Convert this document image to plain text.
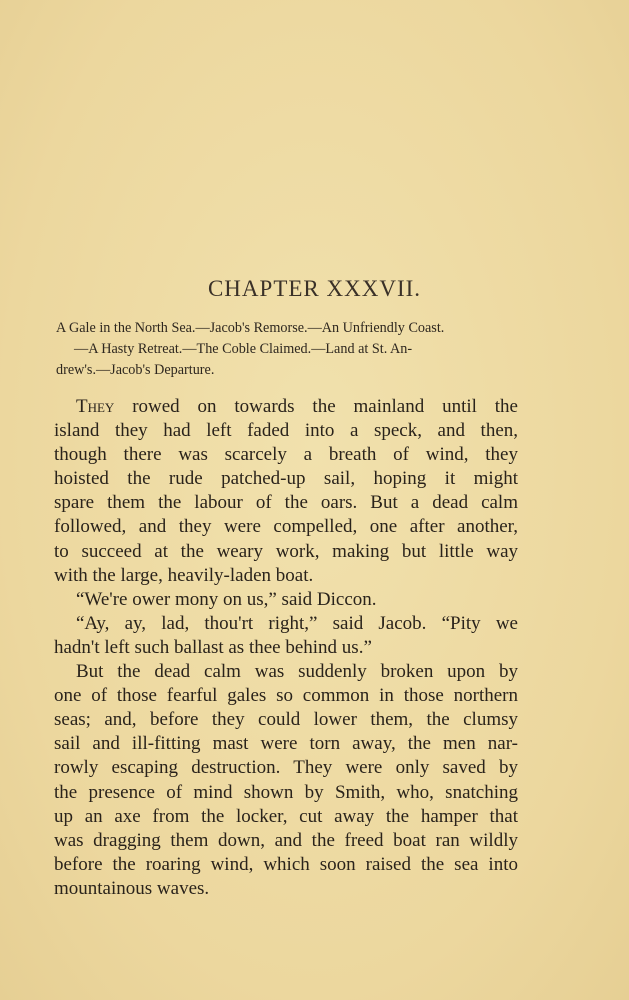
CHAPTER XXXVII.
A Gale in the North Sea.—Jacob's Remorse.—An Unfriendly Coast.
—A Hasty Retreat.—The Coble Claimed.—Land at St. An-
drew's.—Jacob's Departure.
They rowed on towards the mainland until the
island they had left faded into a speck, and then,
though there was scarcely a breath of wind, they
hoisted the rude patched-up sail, hoping it might
spare them the labour of the oars. But a dead calm
followed, and they were compelled, one after another,
to succeed at the weary work, making but little way
with the large, heavily-laden boat.
“We're ower mony on us,” said Diccon.
“Ay, ay, lad, thou'rt right,” said Jacob. “Pity we
hadn't left such ballast as thee behind us.”
But the dead calm was suddenly broken upon by
one of those fearful gales so common in those northern
seas; and, before they could lower them, the clumsy
sail and ill-fitting mast were torn away, the men nar-
rowly escaping destruction. They were only saved by
the presence of mind shown by Smith, who, snatching
up an axe from the locker, cut away the hamper that
was dragging them down, and the freed boat ran wildly
before the roaring wind, which soon raised the sea into
mountainous waves.
